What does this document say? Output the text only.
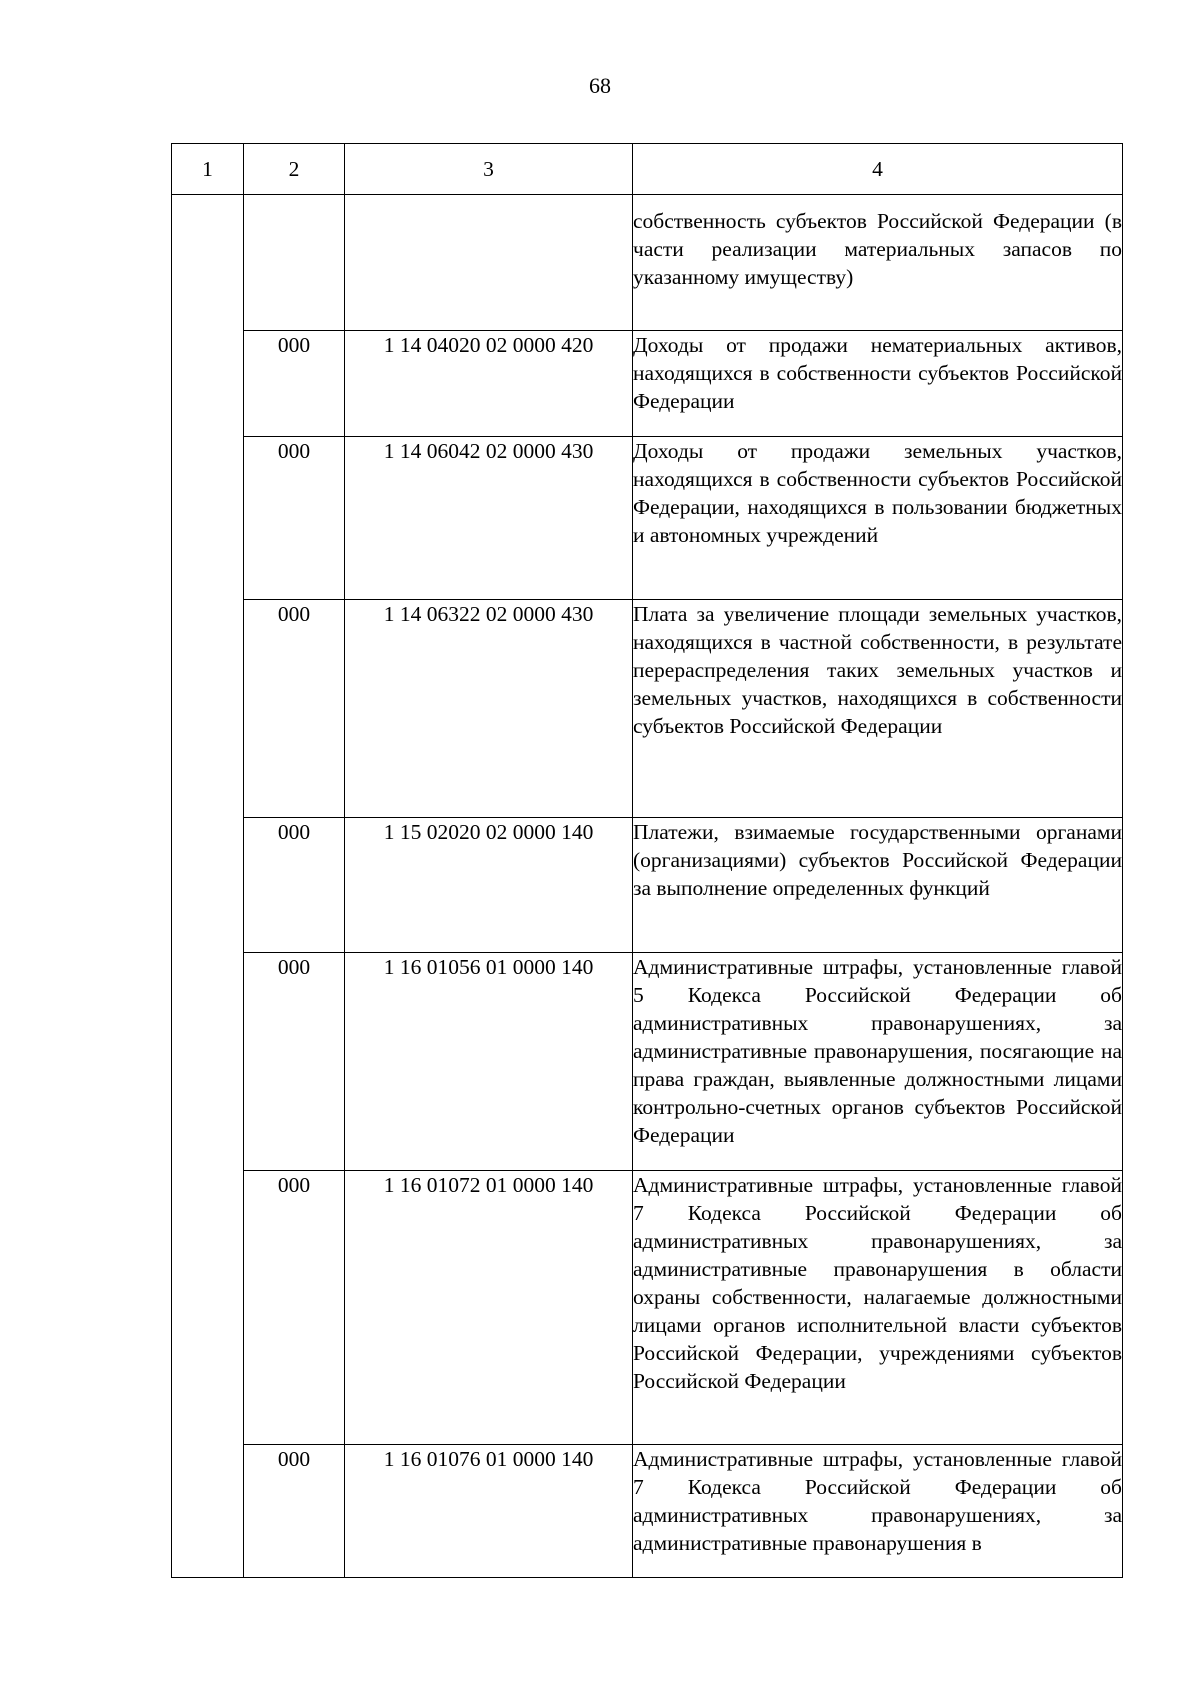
68
1	2	3	4
			собственность субъектов Российской Федерации (в части реализации материальных запасов по указанному имуществу)
	000	1 14 04020 02 0000 420	Доходы от продажи нематериальных активов, находящихся в собственности субъектов Российской Федерации
	000	1 14 06042 02 0000 430	Доходы от продажи земельных участков, находящихся в собственности субъектов Российской Федерации, находящихся в пользовании бюджетных и автономных учреждений
	000	1 14 06322 02 0000 430	Плата за увеличение площади земельных участков, находящихся в частной собственности, в результате перераспределения таких земельных участков и земельных участков, находящихся в собственности субъектов Российской Федерации
	000	1 15 02020 02 0000 140	Платежи, взимаемые государственными органами (организациями) субъектов Российской Федерации за выполнение определенных функций
	000	1 16 01056 01 0000 140	Административные штрафы, установленные главой 5 Кодекса Российской Федерации об административных правонарушениях, за административные правонарушения, посягающие на права граждан, выявленные должностными лицами контрольно-счетных органов субъектов Российской Федерации
	000	1 16 01072 01 0000 140	Административные штрафы, установленные главой 7 Кодекса Российской Федерации об административных правонарушениях, за административные правонарушения в области охраны собственности, налагаемые должностными лицами органов исполнительной власти субъектов Российской Федерации, учреждениями субъектов Российской Федерации
	000	1 16 01076 01 0000 140	Административные штрафы, установленные главой 7 Кодекса Российской Федерации об административных правонарушениях, за административные правонарушения в
